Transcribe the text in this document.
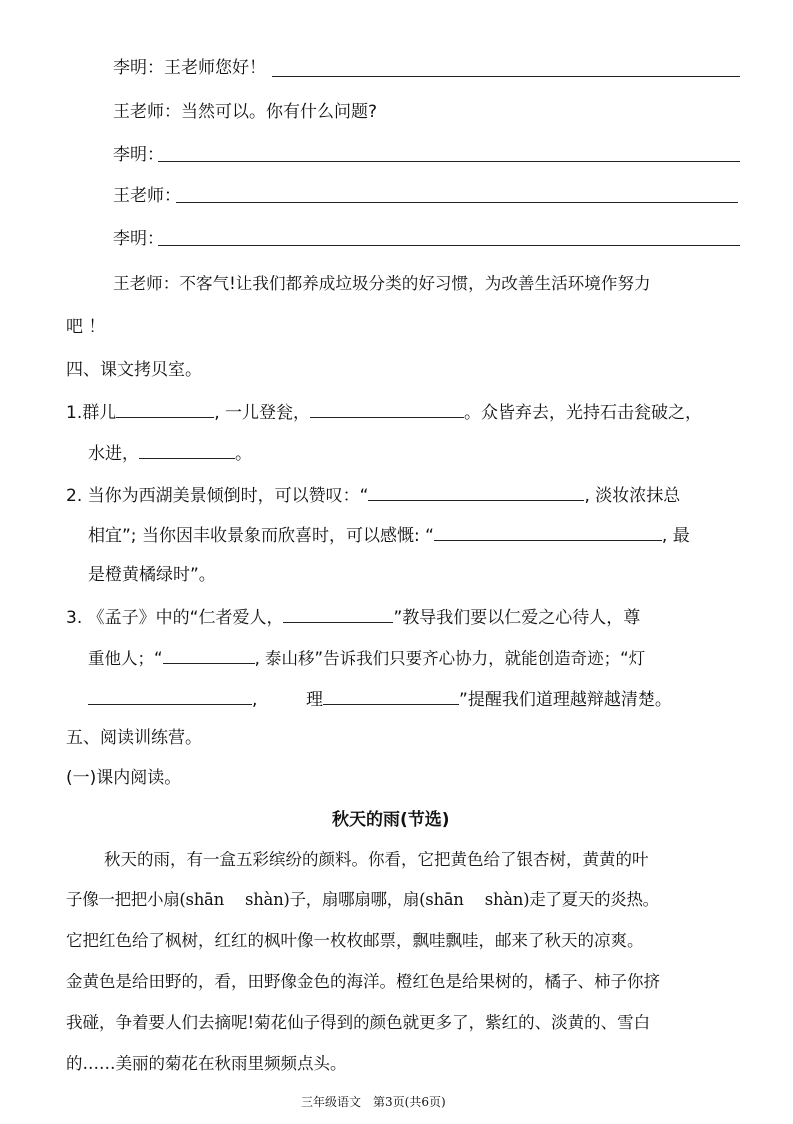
李明：王老师您好！
王老师：当然可以。你有什么问题?
李明：
王老师：
李明：
王老师：不客气!让我们都养成垃圾分类的好习惯，为改善生活环境作努力
吧 ！
四、课文拷贝室。
1.群儿	, 一儿登瓮，	。众皆弃去，光持石击瓮破之，
水进，	。
2. 当你为西湖美景倾倒时，可以赞叹：“	, 淡妆浓抹总
相宜”; 当你因丰收景象而欣喜时，可以感慨: “	, 最
是橙黄橘绿时”。
3. 《孟子》中的“仁者爱人，	”教导我们要以仁爱之心待人，尊
重他人；“	, 泰山移”告诉我们只要齐心协力，就能创造奇迹；“灯
,	理	”提醒我们道理越辩越清楚。
五、阅读训练营。
(一)课内阅读。
秋天的雨(节选)
秋天的雨，有一盒五彩缤纷的颜料。你看，它把黄色给了银杏树，黄黄的叶
子像一把把小扇(shān　 shàn)子，扇哪扇哪，扇(shān　 shàn)走了夏天的炎热。
它把红色给了枫树，红红的枫叶像一枚枚邮票，飘哇飘哇，邮来了秋天的凉爽。
金黄色是给田野的，看，田野像金色的海洋。橙红色是给果树的，橘子、柿子你挤
我碰，争着要人们去摘呢!菊花仙子得到的颜色就更多了，紫红的、淡黄的、雪白
的……美丽的菊花在秋雨里频频点头。
三年级语文　第3页(共6页)
